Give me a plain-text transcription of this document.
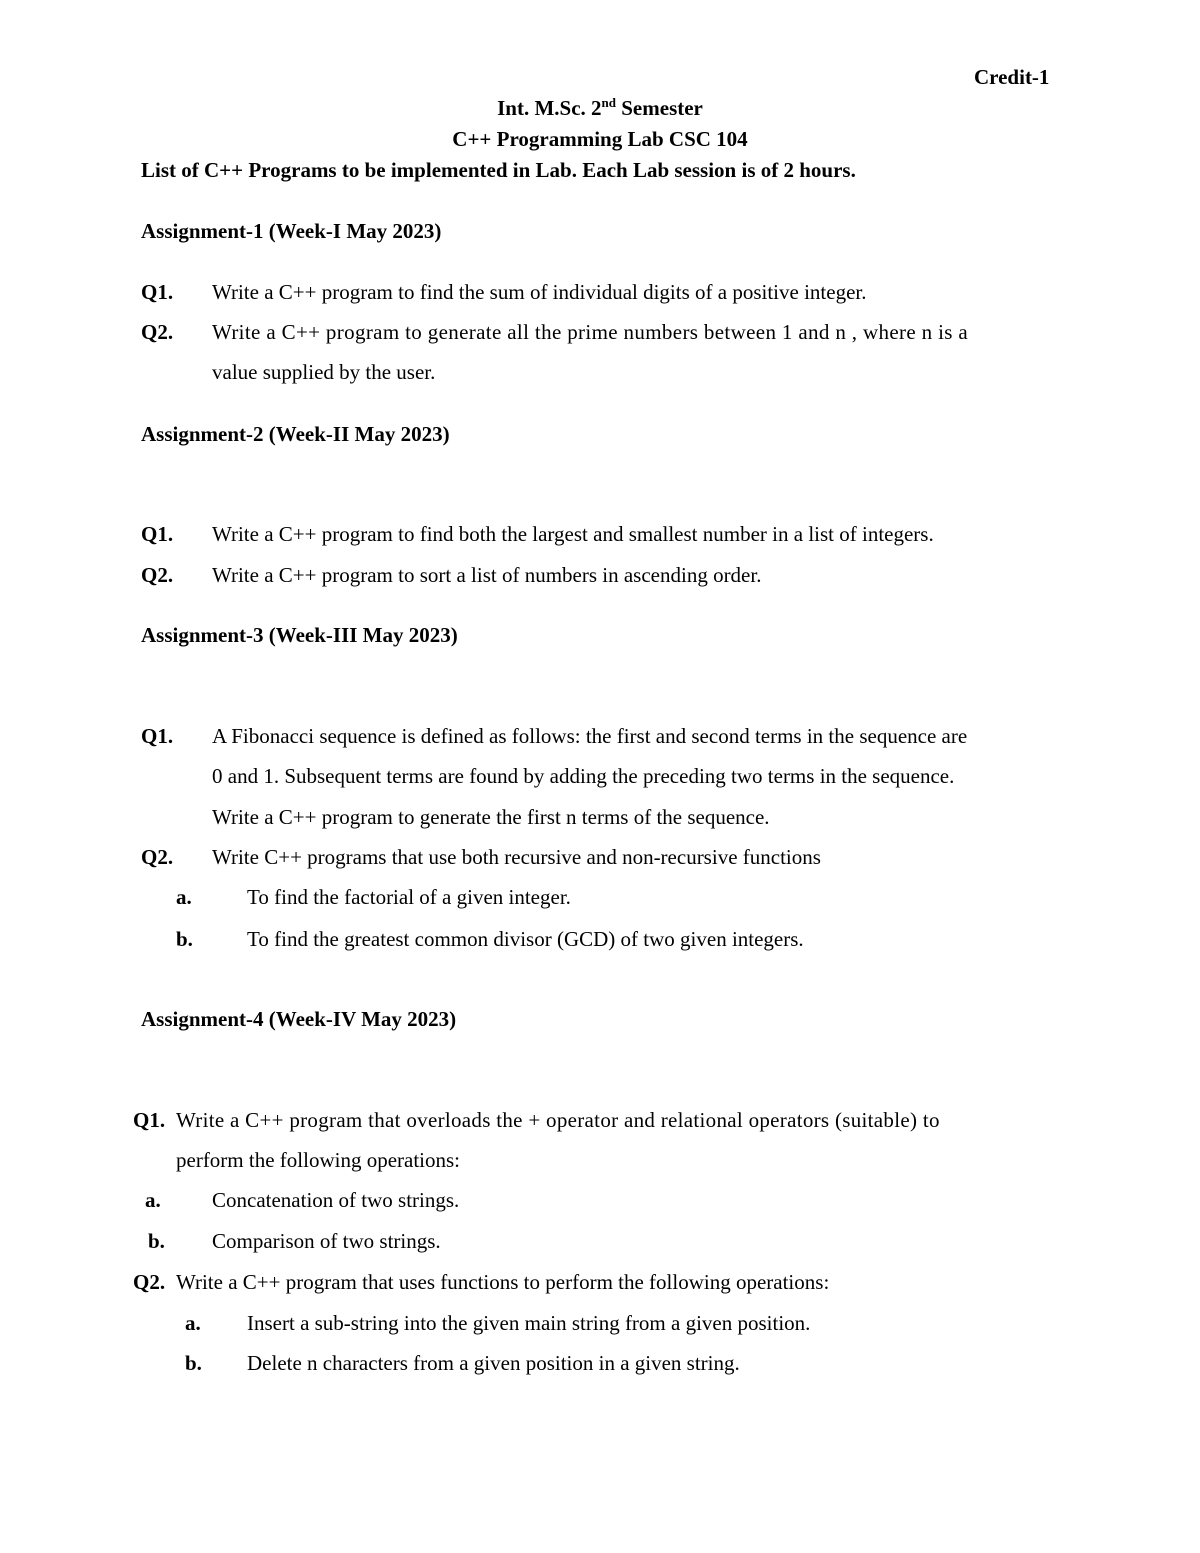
Credit-1
Int. M.Sc. 2nd Semester
C++ Programming Lab CSC 104
List of C++ Programs to be implemented in Lab. Each Lab session is of 2 hours.
Assignment-1 (Week-I May 2023)
Q1. Write a C++ program to find the sum of individual digits of a positive integer.
Q2. Write a C++ program to generate all the prime numbers between 1 and n , where n is a
value supplied by the user.
Assignment-2 (Week-II May 2023)
Q1. Write a C++ program to find both the largest and smallest number in a list of integers.
Q2. Write a C++ program to sort a list of numbers in ascending order.
Assignment-3 (Week-III May 2023)
Q1. A Fibonacci sequence is defined as follows: the first and second terms in the sequence are
0 and 1. Subsequent terms are found by adding the preceding two terms in the sequence.
Write a C++ program to generate the first n terms of the sequence.
Q2. Write C++ programs that use both recursive and non-recursive functions
a.	To find the factorial of a given integer.
b.	To find the greatest common divisor (GCD) of two given integers.
Assignment-4 (Week-IV May 2023)
Q1. Write a C++ program that overloads the + operator and relational operators (suitable) to
perform the following operations:
a. Concatenation of two strings.
b. Comparison of two strings.
Q2. Write a C++ program that uses functions to perform the following operations:
a. Insert a sub-string into the given main string from a given position.
b. Delete n characters from a given position in a given string.
